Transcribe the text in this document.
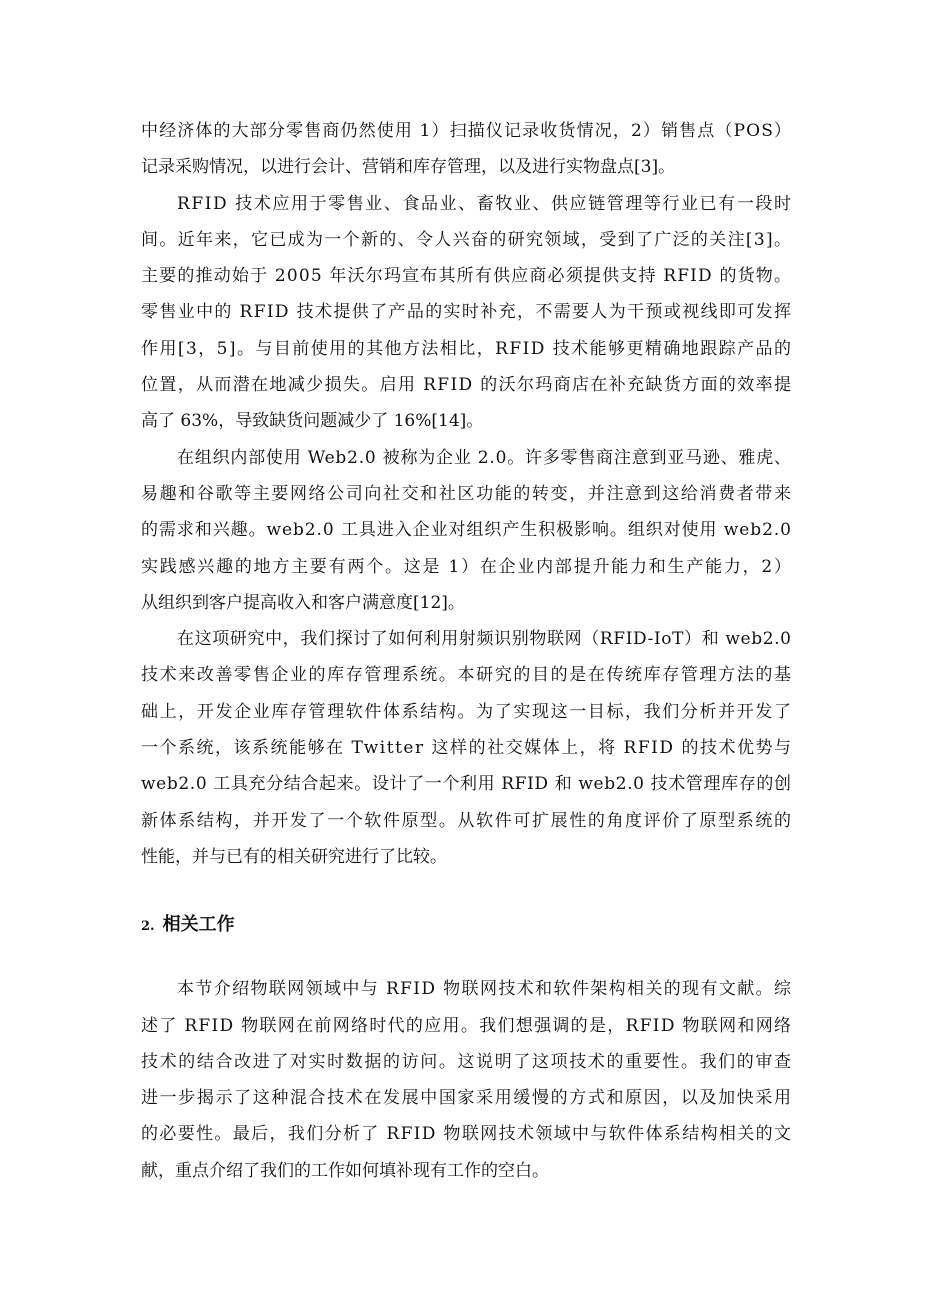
中经济体的大部分零售商仍然使用 1）扫描仪记录收货情况，2）销售点（POS）
记录采购情况，以进行会计、营销和库存管理，以及进行实物盘点[3]。
RFID 技术应用于零售业、食品业、畜牧业、供应链管理等行业已有一段时
间。近年来，它已成为一个新的、令人兴奋的研究领域，受到了广泛的关注[3]。
主要的推动始于 2005 年沃尔玛宣布其所有供应商必须提供支持 RFID 的货物。
零售业中的 RFID 技术提供了产品的实时补充，不需要人为干预或视线即可发挥
作用[3，5]。与目前使用的其他方法相比，RFID 技术能够更精确地跟踪产品的
位置，从而潜在地减少损失。启用 RFID 的沃尔玛商店在补充缺货方面的效率提
高了 63%，导致缺货问题减少了 16%[14]。
在组织内部使用 Web2.0 被称为企业 2.0。许多零售商注意到亚马逊、雅虎、
易趣和谷歌等主要网络公司向社交和社区功能的转变，并注意到这给消费者带来
的需求和兴趣。web2.0 工具进入企业对组织产生积极影响。组织对使用 web2.0
实践感兴趣的地方主要有两个。这是 1）在企业内部提升能力和生产能力，2）
从组织到客户提高收入和客户满意度[12]。
在这项研究中，我们探讨了如何利用射频识别物联网（RFID-IoT）和 web2.0
技术来改善零售企业的库存管理系统。本研究的目的是在传统库存管理方法的基
础上，开发企业库存管理软件体系结构。为了实现这一目标，我们分析并开发了
一个系统，该系统能够在 Twitter 这样的社交媒体上，将 RFID 的技术优势与
web2.0 工具充分结合起来。设计了一个利用 RFID 和 web2.0 技术管理库存的创
新体系结构，并开发了一个软件原型。从软件可扩展性的角度评价了原型系统的
性能，并与已有的相关研究进行了比较。
2. 相关工作
本节介绍物联网领域中与 RFID 物联网技术和软件架构相关的现有文献。综
述了 RFID 物联网在前网络时代的应用。我们想强调的是，RFID 物联网和网络
技术的结合改进了对实时数据的访问。这说明了这项技术的重要性。我们的审查
进一步揭示了这种混合技术在发展中国家采用缓慢的方式和原因，以及加快采用
的必要性。最后，我们分析了 RFID 物联网技术领域中与软件体系结构相关的文
献，重点介绍了我们的工作如何填补现有工作的空白。
